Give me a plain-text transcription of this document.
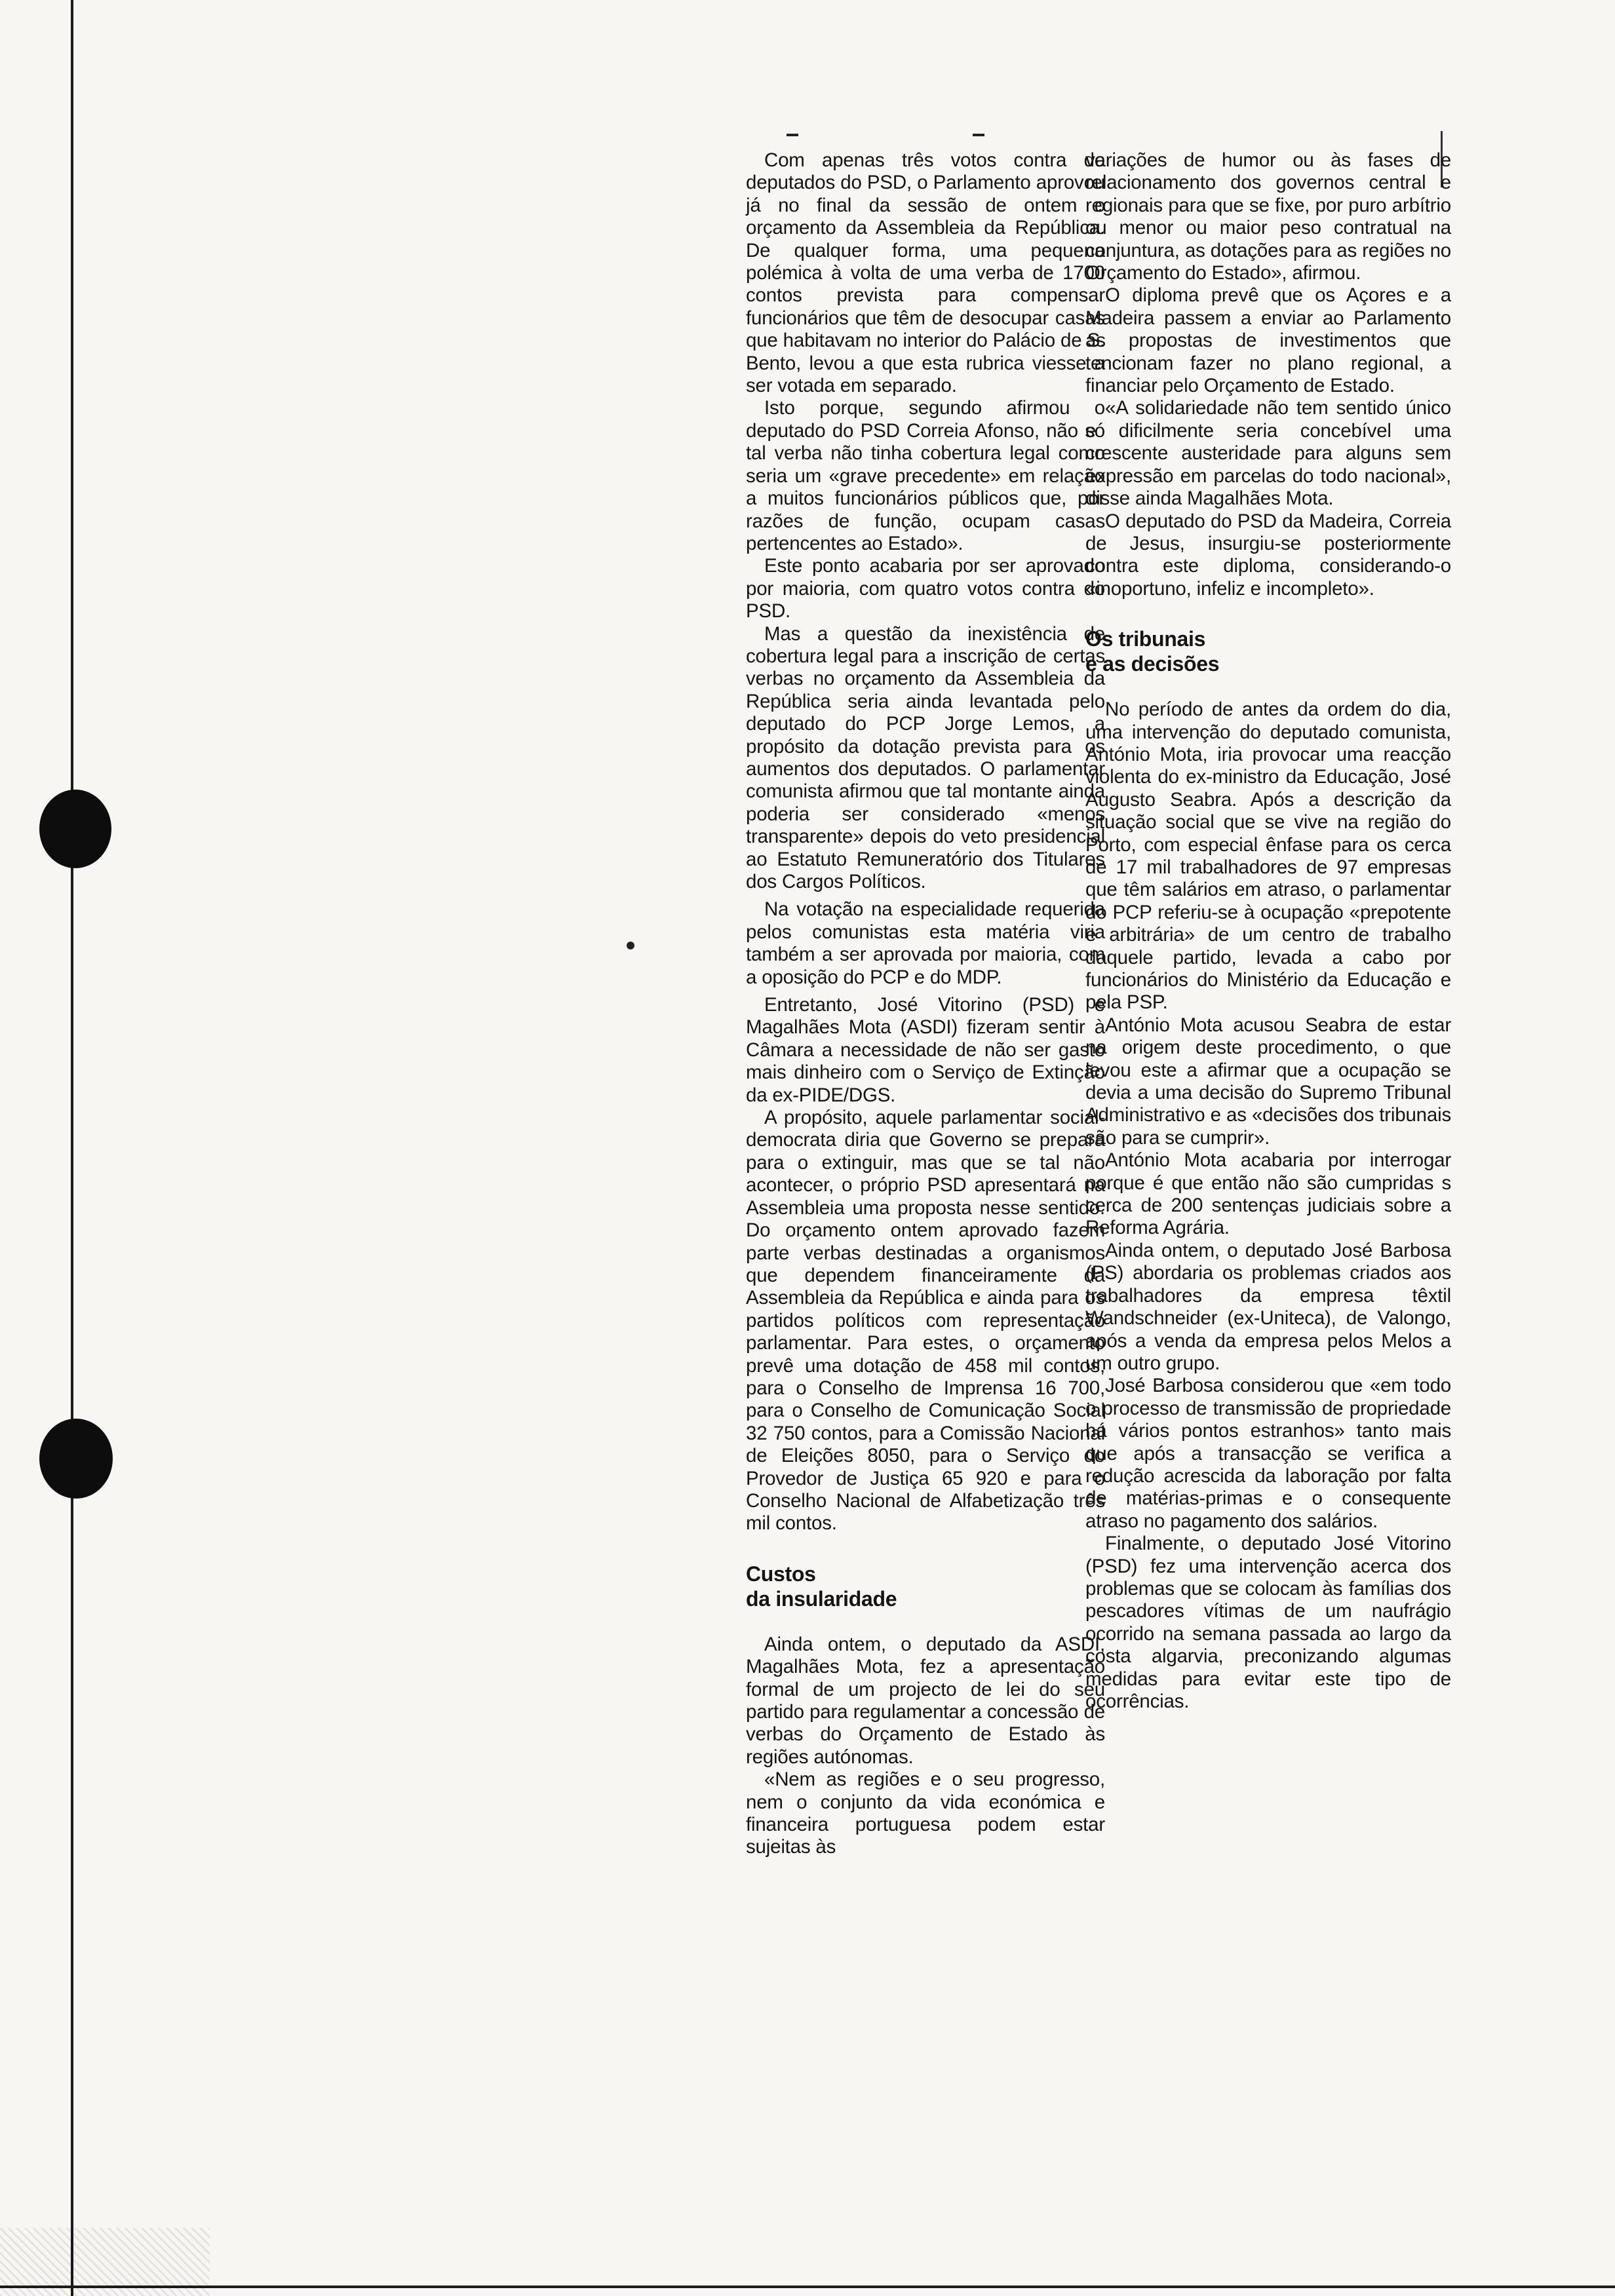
Com apenas três votos contra de deputados do PSD, o Parlamento aprovou já no final da sessão de ontem o orçamento da Assembleia da República. De qualquer forma, uma pequena polémica à volta de uma verba de 1700 contos prevista para compensar funcionários que têm de desocupar casas que habitavam no interior do Palácio de S. Bento, levou a que esta rubrica viesse a ser votada em separado.

Isto porque, segundo afirmou o deputado do PSD Correia Afonso, não só tal verba não tinha cobertura legal como seria um «grave precedente» em relação a muitos funcionários públicos que, por razões de função, ocupam casas pertencentes ao Estado».

Este ponto acabaria por ser aprovado por maioria, com quatro votos contra do PSD.

Mas a questão da inexistência de cobertura legal para a inscrição de certas verbas no orçamento da Assembleia da República seria ainda levantada pelo deputado do PCP Jorge Lemos, a propósito da dotação prevista para os aumentos dos deputados. O parlamentar comunista afirmou que tal montante ainda poderia ser considerado «menos transparente» depois do veto presidencial ao Estatuto Remuneratório dos Titulares dos Cargos Políticos.

Na votação na especialidade requerida pelos comunistas esta matéria viria também a ser aprovada por maioria, com a oposição do PCP e do MDP.

Entretanto, José Vitorino (PSD) e Magalhães Mota (ASDI) fizeram sentir à Câmara a necessidade de não ser gasto mais dinheiro com o Serviço de Extinção da ex-PIDE/DGS.

A propósito, aquele parlamentar social-democrata diria que Governo se prepara para o extinguir, mas que se tal não acontecer, o próprio PSD apresentará na Assembleia uma proposta nesse sentido. Do orçamento ontem aprovado fazem parte verbas destinadas a organismos que dependem financeiramente da Assembleia da República e ainda para os partidos políticos com representação parlamentar. Para estes, o orçamento prevê uma dotação de 458 mil contos, para o Conselho de Imprensa 16 700, para o Conselho de Comunicação Social 32 750 contos, para a Comissão Nacional de Eleições 8050, para o Serviço do Provedor de Justiça 65 920 e para o Conselho Nacional de Alfabetização três mil contos.

Custos
da insularidade

Ainda ontem, o deputado da ASDI, Magalhães Mota, fez a apresentação formal de um projecto de lei do seu partido para regulamentar a concessão de verbas do Orçamento de Estado às regiões autónomas.

«Nem as regiões e o seu progresso, nem o conjunto da vida económica e financeira portuguesa podem estar sujeitas às

variações de humor ou às fases de relacionamento dos governos central e regionais para que se fixe, por puro arbítrio ou menor ou maior peso contratual na conjuntura, as dotações para as regiões no Orçamento do Estado», afirmou.

O diploma prevê que os Açores e a Madeira passem a enviar ao Parlamento as propostas de investimentos que tencionam fazer no plano regional, a financiar pelo Orçamento de Estado.

«A solidariedade não tem sentido único e dificilmente seria concebível uma crescente austeridade para alguns sem expressão em parcelas do todo nacional», disse ainda Magalhães Mota.

O deputado do PSD da Madeira, Correia de Jesus, insurgiu-se posteriormente contra este diploma, considerando-o «inoportuno, infeliz e incompleto».

Os tribunais
e as decisões

No período de antes da ordem do dia, uma intervenção do deputado comunista, António Mota, iria provocar uma reacção violenta do ex-ministro da Educação, José Augusto Seabra. Após a descrição da situação social que se vive na região do Porto, com especial ênfase para os cerca de 17 mil trabalhadores de 97 empresas que têm salários em atraso, o parlamentar do PCP referiu-se à ocupação «prepotente e arbitrária» de um centro de trabalho daquele partido, levada a cabo por funcionários do Ministério da Educação e pela PSP.

António Mota acusou Seabra de estar na origem deste procedimento, o que levou este a afirmar que a ocupação se devia a uma decisão do Supremo Tribunal Administrativo e as «decisões dos tribunais são para se cumprir».

António Mota acabaria por interrogar porque é que então não são cumpridas s cerca de 200 sentenças judiciais sobre a Reforma Agrária.

Ainda ontem, o deputado José Barbosa (PS) abordaria os problemas criados aos trabalhadores da empresa têxtil Wandschneider (ex-Uniteca), de Valongo, após a venda da empresa pelos Melos a um outro grupo.

José Barbosa considerou que «em todo o processo de transmissão de propriedade há vários pontos estranhos» tanto mais que após a transacção se verifica a redução acrescida da laboração por falta de matérias-primas e o consequente atraso no pagamento dos salários.

Finalmente, o deputado José Vitorino (PSD) fez uma intervenção acerca dos problemas que se colocam às famílias dos pescadores vítimas de um naufrágio ocorrido na semana passada ao largo da costa algarvia, preconizando algumas medidas para evitar este tipo de ocorrências.
